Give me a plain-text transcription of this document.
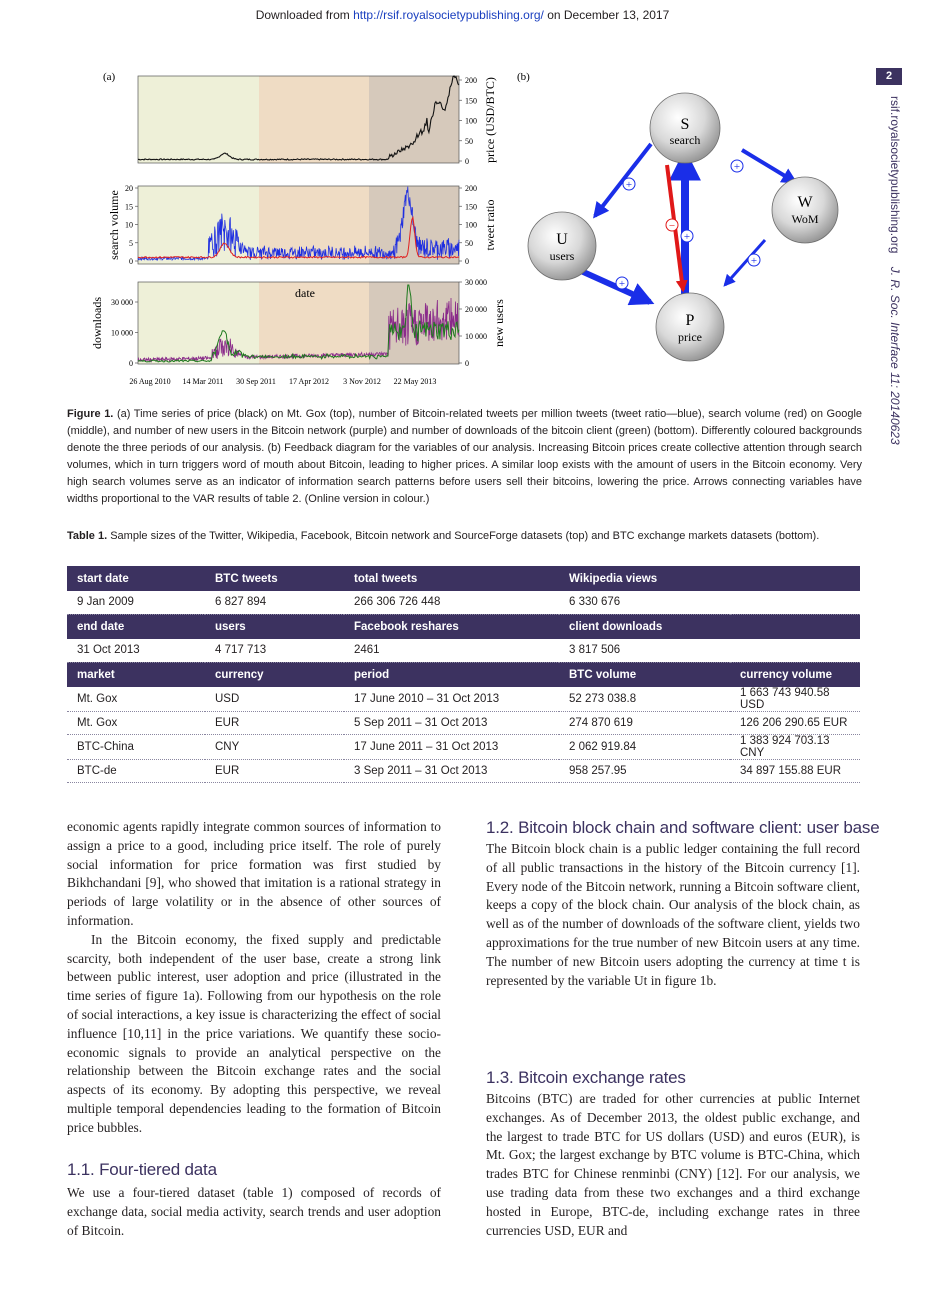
Downloaded from http://rsif.royalsocietypublishing.org/ on December 13, 2017
2
rsif.royalsocietypublishing.org    J. R. Soc. Interface 11: 20140623
(a)	(b)
200
150
100
50
0 price (USD/BTC)
20
15
10
5
0
200
150
100
50
0
search volume	tweet ratio
30 000
10 000
0
30 000
20 000
10 000
0
downloads	new users
26 Aug 2010 14 Mar 2011 30 Sep 2011 17 Apr 2012 3 Nov 2012 22 May 2013
date
S
search
W
WoM
U
users
P
price
+
+
+
+
+
−
Figure 1. (a) Time series of price (black) on Mt. Gox (top), number of Bitcoin-related tweets per million tweets (tweet ratio—blue), search volume (red) on Google (middle), and number of new users in the Bitcoin network (purple) and number of downloads of the bitcoin client (green) (bottom). Differently coloured backgrounds denote the three periods of our analysis. (b) Feedback diagram for the variables of our analysis. Increasing Bitcoin prices create collective attention through search volumes, which in turn triggers word of mouth about Bitcoin, leading to higher prices. A similar loop exists with the amount of users in the Bitcoin economy. Very high search volumes serve as an indicator of information search patterns before users sell their bitcoins, lowering the price. Arrows connecting variables have widths proportional to the VAR results of table 2. (Online version in colour.)
Table 1. Sample sizes of the Twitter, Wikipedia, Facebook, Bitcoin network and SourceForge datasets (top) and BTC exchange markets datasets (bottom).
start date	BTC tweets	total tweets	Wikipedia views	
9 Jan 2009	6 827 894	266 306 726 448	6 330 676	
end date	users	Facebook reshares	client downloads	
31 Oct 2013	4 717 713	2461	3 817 506	
market	currency	period	BTC volume	currency volume
Mt. Gox	USD	17 June 2010 – 31 Oct 2013	52 273 038.8	1 663 743 940.58 USD
Mt. Gox	EUR	5 Sep 2011 – 31 Oct 2013	274 870 619	126 206 290.65 EUR
BTC-China	CNY	17 June 2011 – 31 Oct 2013	2 062 919.84	1 383 924 703.13 CNY
BTC-de	EUR	3 Sep 2011 – 31 Oct 2013	958 257.95	34 897 155.88 EUR

economic agents rapidly integrate common sources of information to assign a price to a good, including price itself. The role of purely social information for price formation was first studied by Bikhchandani [9], who showed that imitation is a rational strategy in periods of large volatility or in the absence of other sources of information.

In the Bitcoin economy, the fixed supply and predictable scarcity, both independent of the user base, create a strong link between public interest, user adoption and price (illustrated in the time series of figure 1a). Following from our hypothesis on the role of social interactions, a key issue is characterizing the effect of social influence [10,11] in the price variations. We quantify these socio-economic signals to provide an analytical perspective on the relationship between the Bitcoin exchange rates and the social aspects of its economy. By adopting this perspective, we reveal multiple temporal dependencies leading to the formation of Bitcoin price bubbles.

1.1. Four-tiered data

We use a four-tiered dataset (table 1) composed of records of exchange data, social media activity, search trends and user adoption of Bitcoin.

1.2. Bitcoin block chain and software client: user base

The Bitcoin block chain is a public ledger containing the full record of all public transactions in the history of the Bitcoin currency [1]. Every node of the Bitcoin network, running a Bitcoin software client, keeps a copy of the block chain. Our analysis of the block chain, as well as of the number of downloads of the software client, yields two approximations for the true number of new Bitcoin users at any time. The number of new Bitcoin users adopting the currency at time t is represented by the variable Ut in figure 1b.

1.3. Bitcoin exchange rates

Bitcoins (BTC) are traded for other currencies at public Internet exchanges. As of December 2013, the oldest public exchange, and the largest to trade BTC for US dollars (USD) and euros (EUR), is Mt. Gox; the largest exchange by BTC volume is BTC-China, which trades BTC for Chinese renminbi (CNY) [12]. For our analysis, we use trading data from these two exchanges and a third exchange hosted in Europe, BTC-de, including exchange rates in three currencies USD, EUR and
